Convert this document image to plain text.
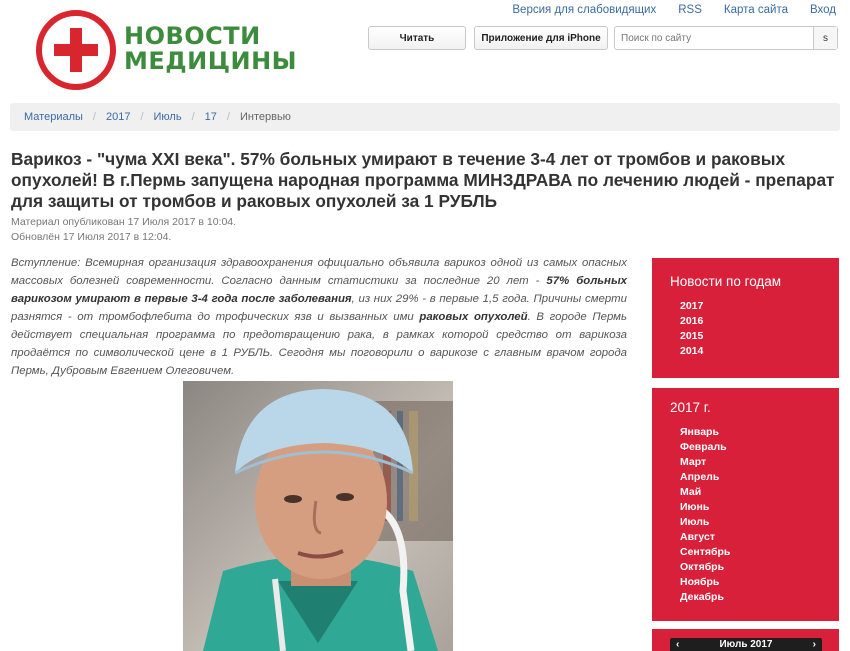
НОВОСТИ
МЕДИЦИНЫ
Версия для слабовидящих RSS Карта сайта Вход
Читать	Приложение для iPhone
Поиск по сайту	s
Материалы / 2017 / Июль / 17 / Интервью
Варикоз - "чума XXI века". 57% больных умирают в течение 3-4 лет от тромбов и раковых опухолей! В г.Пермь запущена народная программа МИНЗДРАВА по лечению людей - препарат для защиты от тромбов и раковых опухолей за 1 РУБЛЬ
Материал опубликован 17 Июля 2017 в 10:04.
Обновлён 17 Июля 2017 в 12:04.

Вступление: Всемирная организация здравоохранения официально объявила варикоз одной из самых опасных массовых болезней современности. Согласно данным статистики за последние 20 лет - 57% больных варикозом умирают в первые 3-4 года после заболевания, из них 29% - в первые 1,5 года. Причины смерти разнятся - от тромбофлебита до трофических язв и вызванных ими раковых опухолей. В городе Пермь действует специальная программа по предотвращению рака, в рамках которой средство от варикоза продаётся по символической цене в 1 РУБЛЬ. Сегодня мы поговорили о варикозе с главным врачом города Пермь, Дубровым Евгением Олеговичем.

Новости по годам
2017
2016
2015
2014
2017 г.
Январь
Февраль
Март
Апрель
Май
Июнь
Июль
Август
Сентябрь
Октябрь
Ноябрь
Декабрь
‹	Июль 2017	›
